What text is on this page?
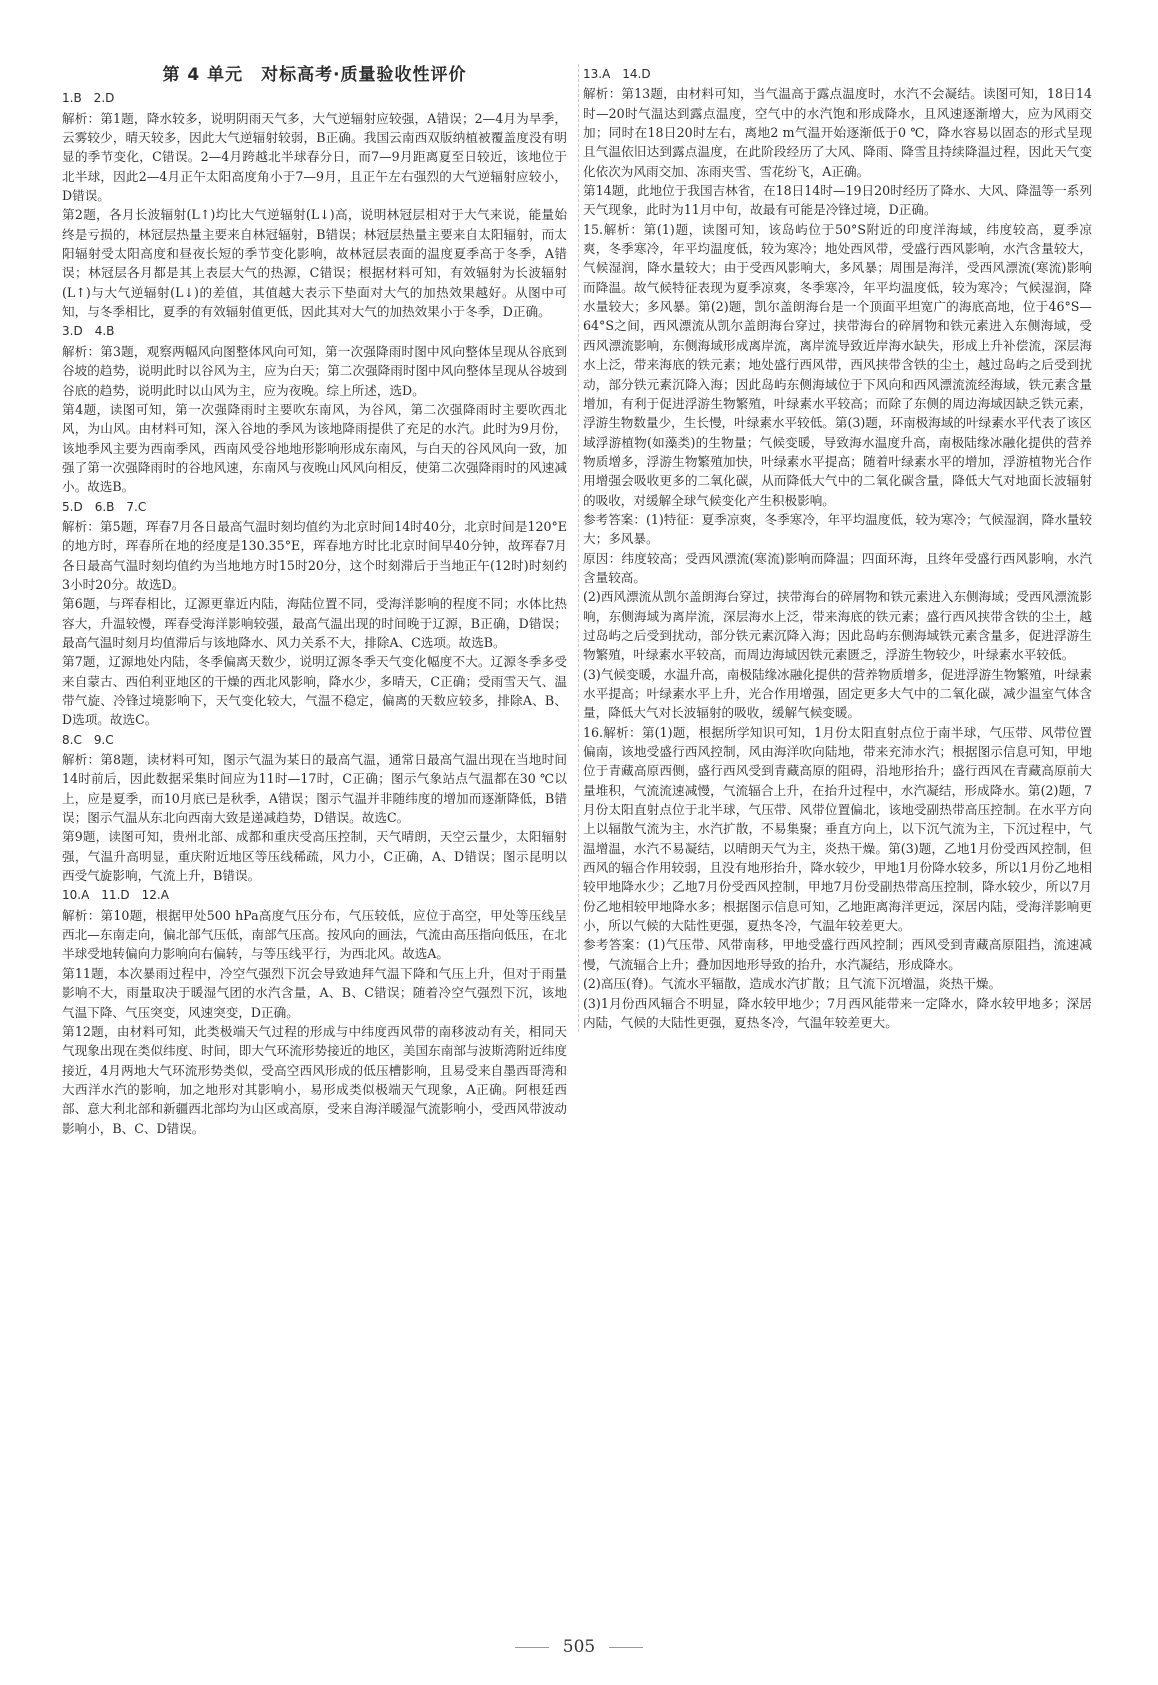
第 4 单元　对标高考·质量验收性评价
1.B　2.D
解析：第1题，降水较多，说明阴雨天气多，大气逆辐射应较强，A错误；2—4月为旱季，云雾较少，晴天较多，因此大气逆辐射较弱，B正确。我国云南西双版纳植被覆盖度没有明显的季节变化，C错误。2—4月跨越北半球春分日，而7—9月距离夏至日较近，该地位于北半球，因此2—4月正午太阳高度角小于7—9月，且正午左右强烈的大气逆辐射应较小，D错误。
第2题，各月长波辐射(L↑)均比大气逆辐射(L↓)高，说明林冠层相对于大气来说，能量始终是亏损的，林冠层热量主要来自林冠辐射，B错误；林冠层热量主要来自太阳辐射，而太阳辐射受太阳高度和昼夜长短的季节变化影响，故林冠层表面的温度夏季高于冬季，A错误；林冠层各月都是其上表层大气的热源，C错误；根据材料可知，有效辐射为长波辐射(L↑)与大气逆辐射(L↓)的差值，其值越大表示下垫面对大气的加热效果越好。从图中可知，与冬季相比，夏季的有效辐射值更低，因此其对大气的加热效果小于冬季，D正确。
3.D　4.B
解析：第3题，观察两幅风向图整体风向可知，第一次强降雨时图中风向整体呈现从谷底到谷坡的趋势，说明此时以谷风为主，应为白天；第二次强降雨时图中风向整体呈现从谷坡到谷底的趋势，说明此时以山风为主，应为夜晚。综上所述，选D。
第4题，读图可知，第一次强降雨时主要吹东南风，为谷风，第二次强降雨时主要吹西北风，为山风。由材料可知，深入谷地的季风为该地降雨提供了充足的水汽。此时为9月份，该地季风主要为西南季风，西南风受谷地地形影响形成东南风，与白天的谷风风向一致，加强了第一次强降雨时的谷地风速，东南风与夜晚山风风向相反，使第二次强降雨时的风速减小。故选B。
5.D　6.B　7.C
解析：第5题，珲春7月各日最高气温时刻均值约为北京时间14时40分，北京时间是120°E的地方时，珲春所在地的经度是130.35°E，珲春地方时比北京时间早40分钟，故珲春7月各日最高气温时刻均值约为当地地方时15时20分，这个时刻滞后于当地正午(12时)时刻约3小时20分。故选D。
第6题，与珲春相比，辽源更靠近内陆，海陆位置不同，受海洋影响的程度不同；水体比热容大，升温较慢，珲春受海洋影响较强，最高气温出现的时间晚于辽源，B正确，D错误；最高气温时刻月均值滞后与该地降水、风力关系不大，排除A、C选项。故选B。
第7题，辽源地处内陆，冬季偏离天数少，说明辽源冬季天气变化幅度不大。辽源冬季多受来自蒙古、西伯利亚地区的干燥的西北风影响，降水少，多晴天，C正确；受雨雪天气、温带气旋、冷锋过境影响下，天气变化较大，气温不稳定，偏离的天数应较多，排除A、B、D选项。故选C。
8.C　9.C
解析：第8题，读材料可知，图示气温为某日的最高气温，通常日最高气温出现在当地时间14时前后，因此数据采集时间应为11时—17时，C正确；图示气象站点气温都在30 ℃以上，应是夏季，而10月底已是秋季，A错误；图示气温并非随纬度的增加而逐渐降低，B错误；图示气温从东北向西南大致是递减趋势，D错误。故选C。
第9题，读图可知，贵州北部、成都和重庆受高压控制，天气晴朗，天空云量少，太阳辐射强，气温升高明显，重庆附近地区等压线稀疏，风力小，C正确，A、D错误；图示昆明以西受气旋影响，气流上升，B错误。
10.A　11.D　12.A
解析：第10题，根据甲处500 hPa高度气压分布，气压较低，应位于高空，甲处等压线呈西北—东南走向，偏北部气压低，南部气压高。按风向的画法，气流由高压指向低压，在北半球受地转偏向力影响向右偏转，与等压线平行，为西北风。故选A。
第11题，本次暴雨过程中，冷空气强烈下沉会导致迪拜气温下降和气压上升，但对于雨量影响不大，雨量取决于暖湿气团的水汽含量，A、B、C错误；随着冷空气强烈下沉，该地气温下降、气压突变，风速突变，D正确。
第12题，由材料可知，此类极端天气过程的形成与中纬度西风带的南移波动有关，相同天气现象出现在类似纬度、时间，即大气环流形势接近的地区，美国东南部与波斯湾附近纬度接近，4月两地大气环流形势类似，受高空西风形成的低压槽影响，且易受来自墨西哥湾和大西洋水汽的影响，加之地形对其影响小，易形成类似极端天气现象，A正确。阿根廷西部、意大利北部和新疆西北部均为山区或高原，受来自海洋暖湿气流影响小，受西风带波动影响小，B、C、D错误。
13.A　14.D
解析：第13题，由材料可知，当气温高于露点温度时，水汽不会凝结。读图可知，18日14时—20时气温达到露点温度，空气中的水汽饱和形成降水，且风速逐渐增大，应为风雨交加；同时在18日20时左右，离地2 m气温开始逐渐低于0 ℃，降水容易以固态的形式呈现且气温依旧达到露点温度，在此阶段经历了大风、降雨、降雪且持续降温过程，因此天气变化依次为风雨交加、冻雨夹雪、雪花纷飞，A正确。
第14题，此地位于我国吉林省，在18日14时—19日20时经历了降水、大风、降温等一系列天气现象，此时为11月中旬，故最有可能是冷锋过境，D正确。
15.解析：第(1)题，读图可知，该岛屿位于50°S附近的印度洋海域，纬度较高，夏季凉爽，冬季寒冷，年平均温度低，较为寒冷；地处西风带，受盛行西风影响，水汽含量较大，气候湿润，降水量较大；由于受西风影响大，多风暴；周围是海洋，受西风漂流(寒流)影响而降温。故气候特征表现为夏季凉爽，冬季寒冷，年平均温度低，较为寒冷；气候湿润，降水量较大；多风暴。第(2)题，凯尔盖朗海台是一个顶面平坦宽广的海底高地，位于46°S—64°S之间，西风漂流从凯尔盖朗海台穿过，挟带海台的碎屑物和铁元素进入东侧海域，受西风漂流影响，东侧海域形成离岸流，离岸流导致近岸海水缺失，形成上升补偿流，深层海水上泛，带来海底的铁元素；地处盛行西风带，西风挟带含铁的尘土，越过岛屿之后受到扰动，部分铁元素沉降入海；因此岛屿东侧海域位于下风向和西风漂流流经海域，铁元素含量增加，有利于促进浮游生物繁殖，叶绿素水平较高；而除了东侧的周边海域因缺乏铁元素，浮游生物数量少，生长慢，叶绿素水平较低。第(3)题，环南极海域的叶绿素水平代表了该区域浮游植物(如藻类)的生物量；气候变暖，导致海水温度升高，南极陆缘冰融化提供的营养物质增多，浮游生物繁殖加快，叶绿素水平提高；随着叶绿素水平的增加，浮游植物光合作用增强会吸收更多的二氧化碳，从而降低大气中的二氧化碳含量，降低大气对地面长波辐射的吸收，对缓解全球气候变化产生积极影响。
参考答案：(1)特征：夏季凉爽，冬季寒冷，年平均温度低，较为寒冷；气候湿润，降水量较大；多风暴。
原因：纬度较高；受西风漂流(寒流)影响而降温；四面环海，且终年受盛行西风影响，水汽含量较高。
(2)西风漂流从凯尔盖朗海台穿过，挟带海台的碎屑物和铁元素进入东侧海域；受西风漂流影响，东侧海域为离岸流，深层海水上泛，带来海底的铁元素；盛行西风挟带含铁的尘土，越过岛屿之后受到扰动，部分铁元素沉降入海；因此岛屿东侧海域铁元素含量多，促进浮游生物繁殖，叶绿素水平较高，而周边海域因铁元素匮乏，浮游生物较少，叶绿素水平较低。
(3)气候变暖，水温升高，南极陆缘冰融化提供的营养物质增多，促进浮游生物繁殖，叶绿素水平提高；叶绿素水平上升，光合作用增强，固定更多大气中的二氧化碳，减少温室气体含量，降低大气对长波辐射的吸收，缓解气候变暖。
16.解析：第(1)题，根据所学知识可知，1月份太阳直射点位于南半球，气压带、风带位置偏南，该地受盛行西风控制，风由海洋吹向陆地，带来充沛水汽；根据图示信息可知，甲地位于青藏高原西侧，盛行西风受到青藏高原的阻碍，沿地形抬升；盛行西风在青藏高原前大量堆积，气流流速减慢，气流辐合上升，在抬升过程中，水汽凝结，形成降水。第(2)题，7月份太阳直射点位于北半球，气压带、风带位置偏北，该地受副热带高压控制。在水平方向上以辐散气流为主，水汽扩散，不易集聚；垂直方向上，以下沉气流为主，下沉过程中，气温增温，水汽不易凝结，以晴朗天气为主，炎热干燥。第(3)题，乙地1月份受西风控制，但西风的辐合作用较弱，且没有地形抬升，降水较少，甲地1月份降水较多，所以1月份乙地相较甲地降水少；乙地7月份受西风控制，甲地7月份受副热带高压控制，降水较少，所以7月份乙地相较甲地降水多；根据图示信息可知，乙地距离海洋更远，深居内陆，受海洋影响更小，所以气候的大陆性更强，夏热冬冷，气温年较差更大。
参考答案：(1)气压带、风带南移，甲地受盛行西风控制；西风受到青藏高原阻挡，流速减慢，气流辐合上升；叠加因地形导致的抬升，水汽凝结，形成降水。
(2)高压(脊)。气流水平辐散，造成水汽扩散；且气流下沉增温，炎热干燥。
(3)1月份西风辐合不明显，降水较甲地少；7月西风能带来一定降水，降水较甲地多；深居内陆，气候的大陆性更强，夏热冬冷，气温年较差更大。
505
